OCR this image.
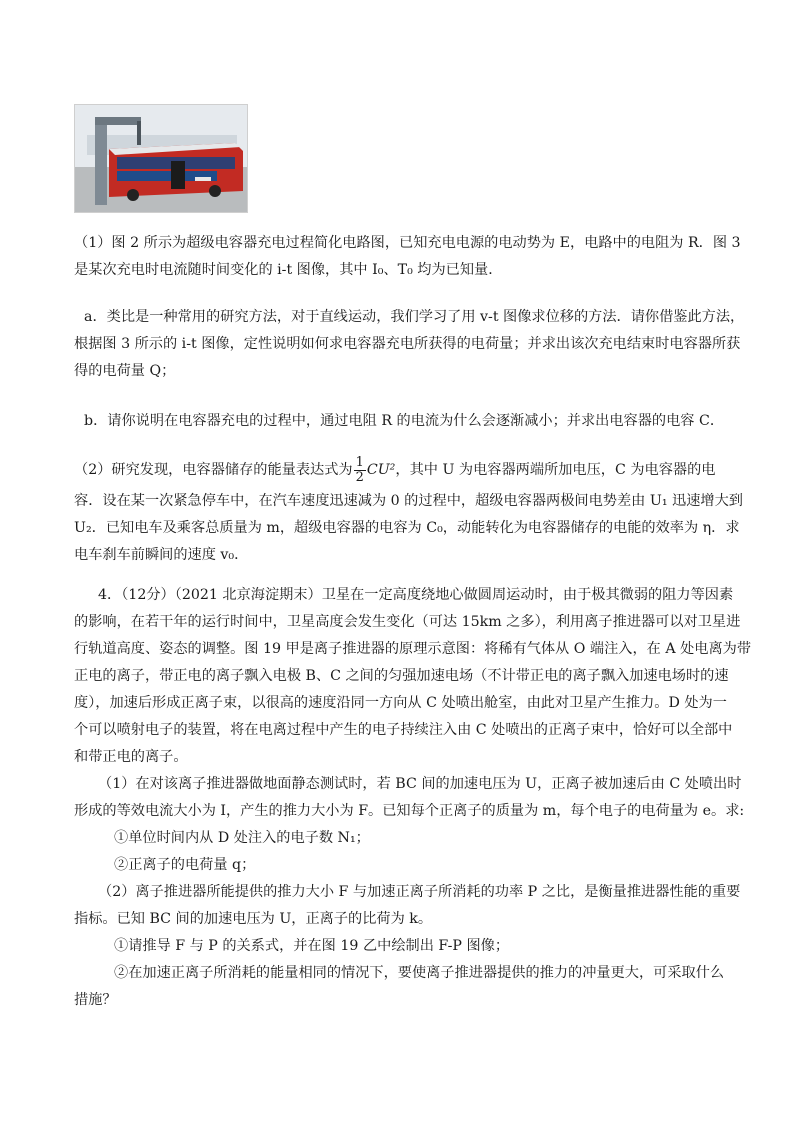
（1）图 2 所示为超级电容器充电过程简化电路图，已知充电电源的电动势为 E，电路中的电阻为 R．图 3
是某次充电时电流随时间变化的 i-t 图像，其中 I₀、T₀ 均为已知量．

a．类比是一种常用的研究方法，对于直线运动，我们学习了用 v-t 图像求位移的方法．请你借鉴此方法，
根据图 3 所示的 i-t 图像，定性说明如何求电容器充电所获得的电荷量；并求出该次充电结束时电容器所获
得的电荷量 Q；

b．请你说明在电容器充电的过程中，通过电阻 R 的电流为什么会逐渐减小；并求出电容器的电容 C．

（2）研究发现，电容器储存的能量表达式为 $\frac{1}{2} CU^2$，其中 U 为电容器两端所加电压，C 为电容器的电
容．设在某一次紧急停车中，在汽车速度迅速减为 0 的过程中，超级电容器两极间电势差由 U₁ 迅速增大到
U₂．已知电车及乘客总质量为 m，超级电容器的电容为 C₀，动能转化为电容器储存的电能的效率为 η．求
电车刹车前瞬间的速度 v₀．

4．（12分）（2021 北京海淀期末）卫星在一定高度绕地心做圆周运动时，由于极其微弱的阻力等因素
的影响，在若干年的运行时间中，卫星高度会发生变化（可达 15km 之多），利用离子推进器可以对卫星进
行轨道高度、姿态的调整。图 19 甲是离子推进器的原理示意图：将稀有气体从 O 端注入，在 A 处电离为带
正电的离子，带正电的离子飘入电极 B、C 之间的匀强加速电场（不计带正电的离子飘入加速电场时的速
度），加速后形成正离子束，以很高的速度沿同一方向从 C 处喷出舱室，由此对卫星产生推力。D 处为一
个可以喷射电子的装置，将在电离过程中产生的电子持续注入由 C 处喷出的正离子束中，恰好可以全部中
和带正电的离子。

（1）在对该离子推进器做地面静态测试时，若 BC 间的加速电压为 U，正离子被加速后由 C 处喷出时
形成的等效电流大小为 I，产生的推力大小为 F。已知每个正离子的质量为 m，每个电子的电荷量为 e。求:
①单位时间内从 D 处注入的电子数 N₁；
②正离子的电荷量 q；

（2）离子推进器所能提供的推力大小 F 与加速正离子所消耗的功率 P 之比，是衡量推进器性能的重要
指标。已知 BC 间的加速电压为 U，正离子的比荷为 k。
①请推导 F 与 P 的关系式，并在图 19 乙中绘制出 F-P 图像；
②在加速正离子所消耗的能量相同的情况下，要使离子推进器提供的推力的冲量更大，可采取什么
措施？
